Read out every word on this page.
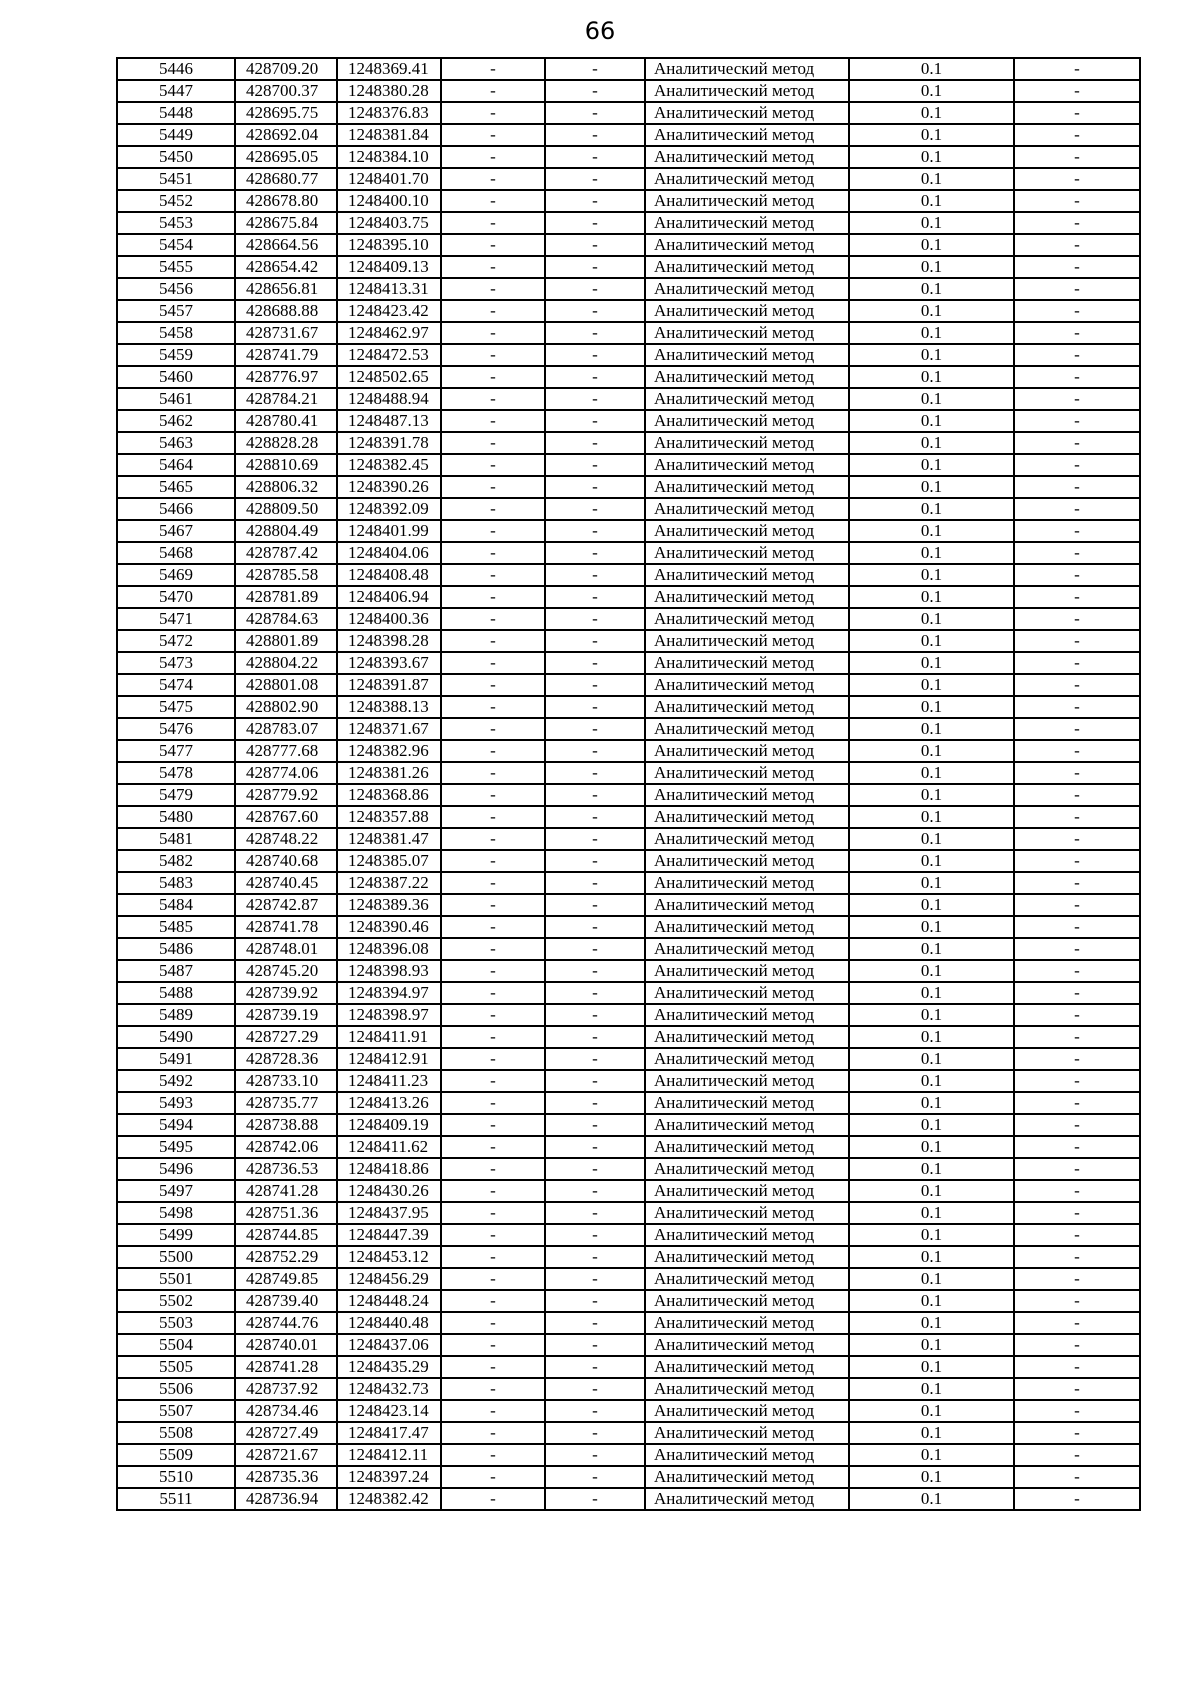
66
5446	428709.20	1248369.41	-	-	Аналитический метод	0.1	-
5447	428700.37	1248380.28	-	-	Аналитический метод	0.1	-
5448	428695.75	1248376.83	-	-	Аналитический метод	0.1	-
5449	428692.04	1248381.84	-	-	Аналитический метод	0.1	-
5450	428695.05	1248384.10	-	-	Аналитический метод	0.1	-
5451	428680.77	1248401.70	-	-	Аналитический метод	0.1	-
5452	428678.80	1248400.10	-	-	Аналитический метод	0.1	-
5453	428675.84	1248403.75	-	-	Аналитический метод	0.1	-
5454	428664.56	1248395.10	-	-	Аналитический метод	0.1	-
5455	428654.42	1248409.13	-	-	Аналитический метод	0.1	-
5456	428656.81	1248413.31	-	-	Аналитический метод	0.1	-
5457	428688.88	1248423.42	-	-	Аналитический метод	0.1	-
5458	428731.67	1248462.97	-	-	Аналитический метод	0.1	-
5459	428741.79	1248472.53	-	-	Аналитический метод	0.1	-
5460	428776.97	1248502.65	-	-	Аналитический метод	0.1	-
5461	428784.21	1248488.94	-	-	Аналитический метод	0.1	-
5462	428780.41	1248487.13	-	-	Аналитический метод	0.1	-
5463	428828.28	1248391.78	-	-	Аналитический метод	0.1	-
5464	428810.69	1248382.45	-	-	Аналитический метод	0.1	-
5465	428806.32	1248390.26	-	-	Аналитический метод	0.1	-
5466	428809.50	1248392.09	-	-	Аналитический метод	0.1	-
5467	428804.49	1248401.99	-	-	Аналитический метод	0.1	-
5468	428787.42	1248404.06	-	-	Аналитический метод	0.1	-
5469	428785.58	1248408.48	-	-	Аналитический метод	0.1	-
5470	428781.89	1248406.94	-	-	Аналитический метод	0.1	-
5471	428784.63	1248400.36	-	-	Аналитический метод	0.1	-
5472	428801.89	1248398.28	-	-	Аналитический метод	0.1	-
5473	428804.22	1248393.67	-	-	Аналитический метод	0.1	-
5474	428801.08	1248391.87	-	-	Аналитический метод	0.1	-
5475	428802.90	1248388.13	-	-	Аналитический метод	0.1	-
5476	428783.07	1248371.67	-	-	Аналитический метод	0.1	-
5477	428777.68	1248382.96	-	-	Аналитический метод	0.1	-
5478	428774.06	1248381.26	-	-	Аналитический метод	0.1	-
5479	428779.92	1248368.86	-	-	Аналитический метод	0.1	-
5480	428767.60	1248357.88	-	-	Аналитический метод	0.1	-
5481	428748.22	1248381.47	-	-	Аналитический метод	0.1	-
5482	428740.68	1248385.07	-	-	Аналитический метод	0.1	-
5483	428740.45	1248387.22	-	-	Аналитический метод	0.1	-
5484	428742.87	1248389.36	-	-	Аналитический метод	0.1	-
5485	428741.78	1248390.46	-	-	Аналитический метод	0.1	-
5486	428748.01	1248396.08	-	-	Аналитический метод	0.1	-
5487	428745.20	1248398.93	-	-	Аналитический метод	0.1	-
5488	428739.92	1248394.97	-	-	Аналитический метод	0.1	-
5489	428739.19	1248398.97	-	-	Аналитический метод	0.1	-
5490	428727.29	1248411.91	-	-	Аналитический метод	0.1	-
5491	428728.36	1248412.91	-	-	Аналитический метод	0.1	-
5492	428733.10	1248411.23	-	-	Аналитический метод	0.1	-
5493	428735.77	1248413.26	-	-	Аналитический метод	0.1	-
5494	428738.88	1248409.19	-	-	Аналитический метод	0.1	-
5495	428742.06	1248411.62	-	-	Аналитический метод	0.1	-
5496	428736.53	1248418.86	-	-	Аналитический метод	0.1	-
5497	428741.28	1248430.26	-	-	Аналитический метод	0.1	-
5498	428751.36	1248437.95	-	-	Аналитический метод	0.1	-
5499	428744.85	1248447.39	-	-	Аналитический метод	0.1	-
5500	428752.29	1248453.12	-	-	Аналитический метод	0.1	-
5501	428749.85	1248456.29	-	-	Аналитический метод	0.1	-
5502	428739.40	1248448.24	-	-	Аналитический метод	0.1	-
5503	428744.76	1248440.48	-	-	Аналитический метод	0.1	-
5504	428740.01	1248437.06	-	-	Аналитический метод	0.1	-
5505	428741.28	1248435.29	-	-	Аналитический метод	0.1	-
5506	428737.92	1248432.73	-	-	Аналитический метод	0.1	-
5507	428734.46	1248423.14	-	-	Аналитический метод	0.1	-
5508	428727.49	1248417.47	-	-	Аналитический метод	0.1	-
5509	428721.67	1248412.11	-	-	Аналитический метод	0.1	-
5510	428735.36	1248397.24	-	-	Аналитический метод	0.1	-
5511	428736.94	1248382.42	-	-	Аналитический метод	0.1	-
